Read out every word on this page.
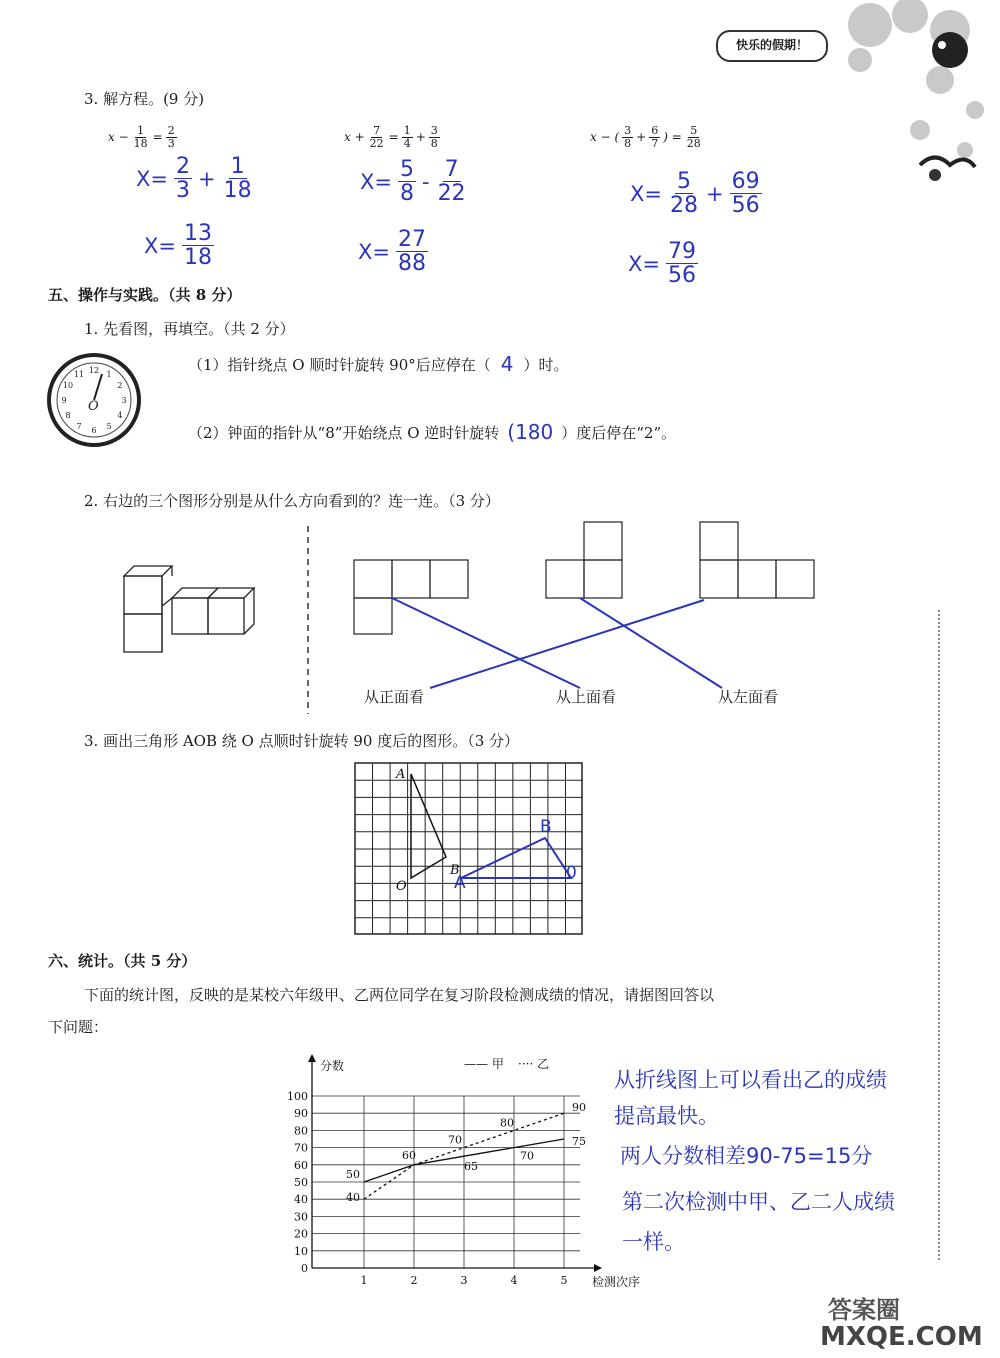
快乐的假期！
3. 解方程。(9 分)
$x - \frac{1}{18} = \frac{2}{3}$
$X= \frac{2}{3} + \frac{1}{18}$
$X= \frac{13}{18}$
$x + \frac{7}{22} = \frac{1}{4} + \frac{3}{8}$
$X= \frac{5}{8} - \frac{7}{22}$
$X= \frac{27}{88}$
x − ( $\frac{3}{8} + \frac{6}{7}$ ) = $\frac{5}{28}$
$X= \frac{5}{28} + \frac{69}{56}$
$X= \frac{79}{56}$
五、操作与实践。（共 8 分）
1. 先看图，再填空。（共 2 分）
12 1
2
3
4
5
6
7
8
9
10
11
O
（1）指针绕点 O 顺时针旋转 90°后应停在（ 4 ）时。
（2）钟面的指针从“8”开始绕点 O 逆时针旋转 (180 ）度后停在“2”。
2. 右边的三个图形分别是从什么方向看到的？连一连。（3 分）
从正面看	从上面看	从左面看
3. 画出三角形 AOB 绕 O 点顺时针旋转 90 度后的图形。（3 分）
A
B
O
B
A	0
六、统计。（共 5 分）
下面的统计图，反映的是某校六年级甲、乙两位同学在复习阶段检测成绩的情况，请据图回答以
下问题：
0
10
20
30
40
50
60
70
80
90
100
1	2	3	4	5
50
60
65
70
75
40
70
80
90
分数
检测次序
—— 甲 ···· 乙
从折线图上可以看出乙的成绩
提高最快。
两人分数相差90-75=15分
第二次检测中甲、乙二人成绩
一样。
答案圈
MXQE.COM
